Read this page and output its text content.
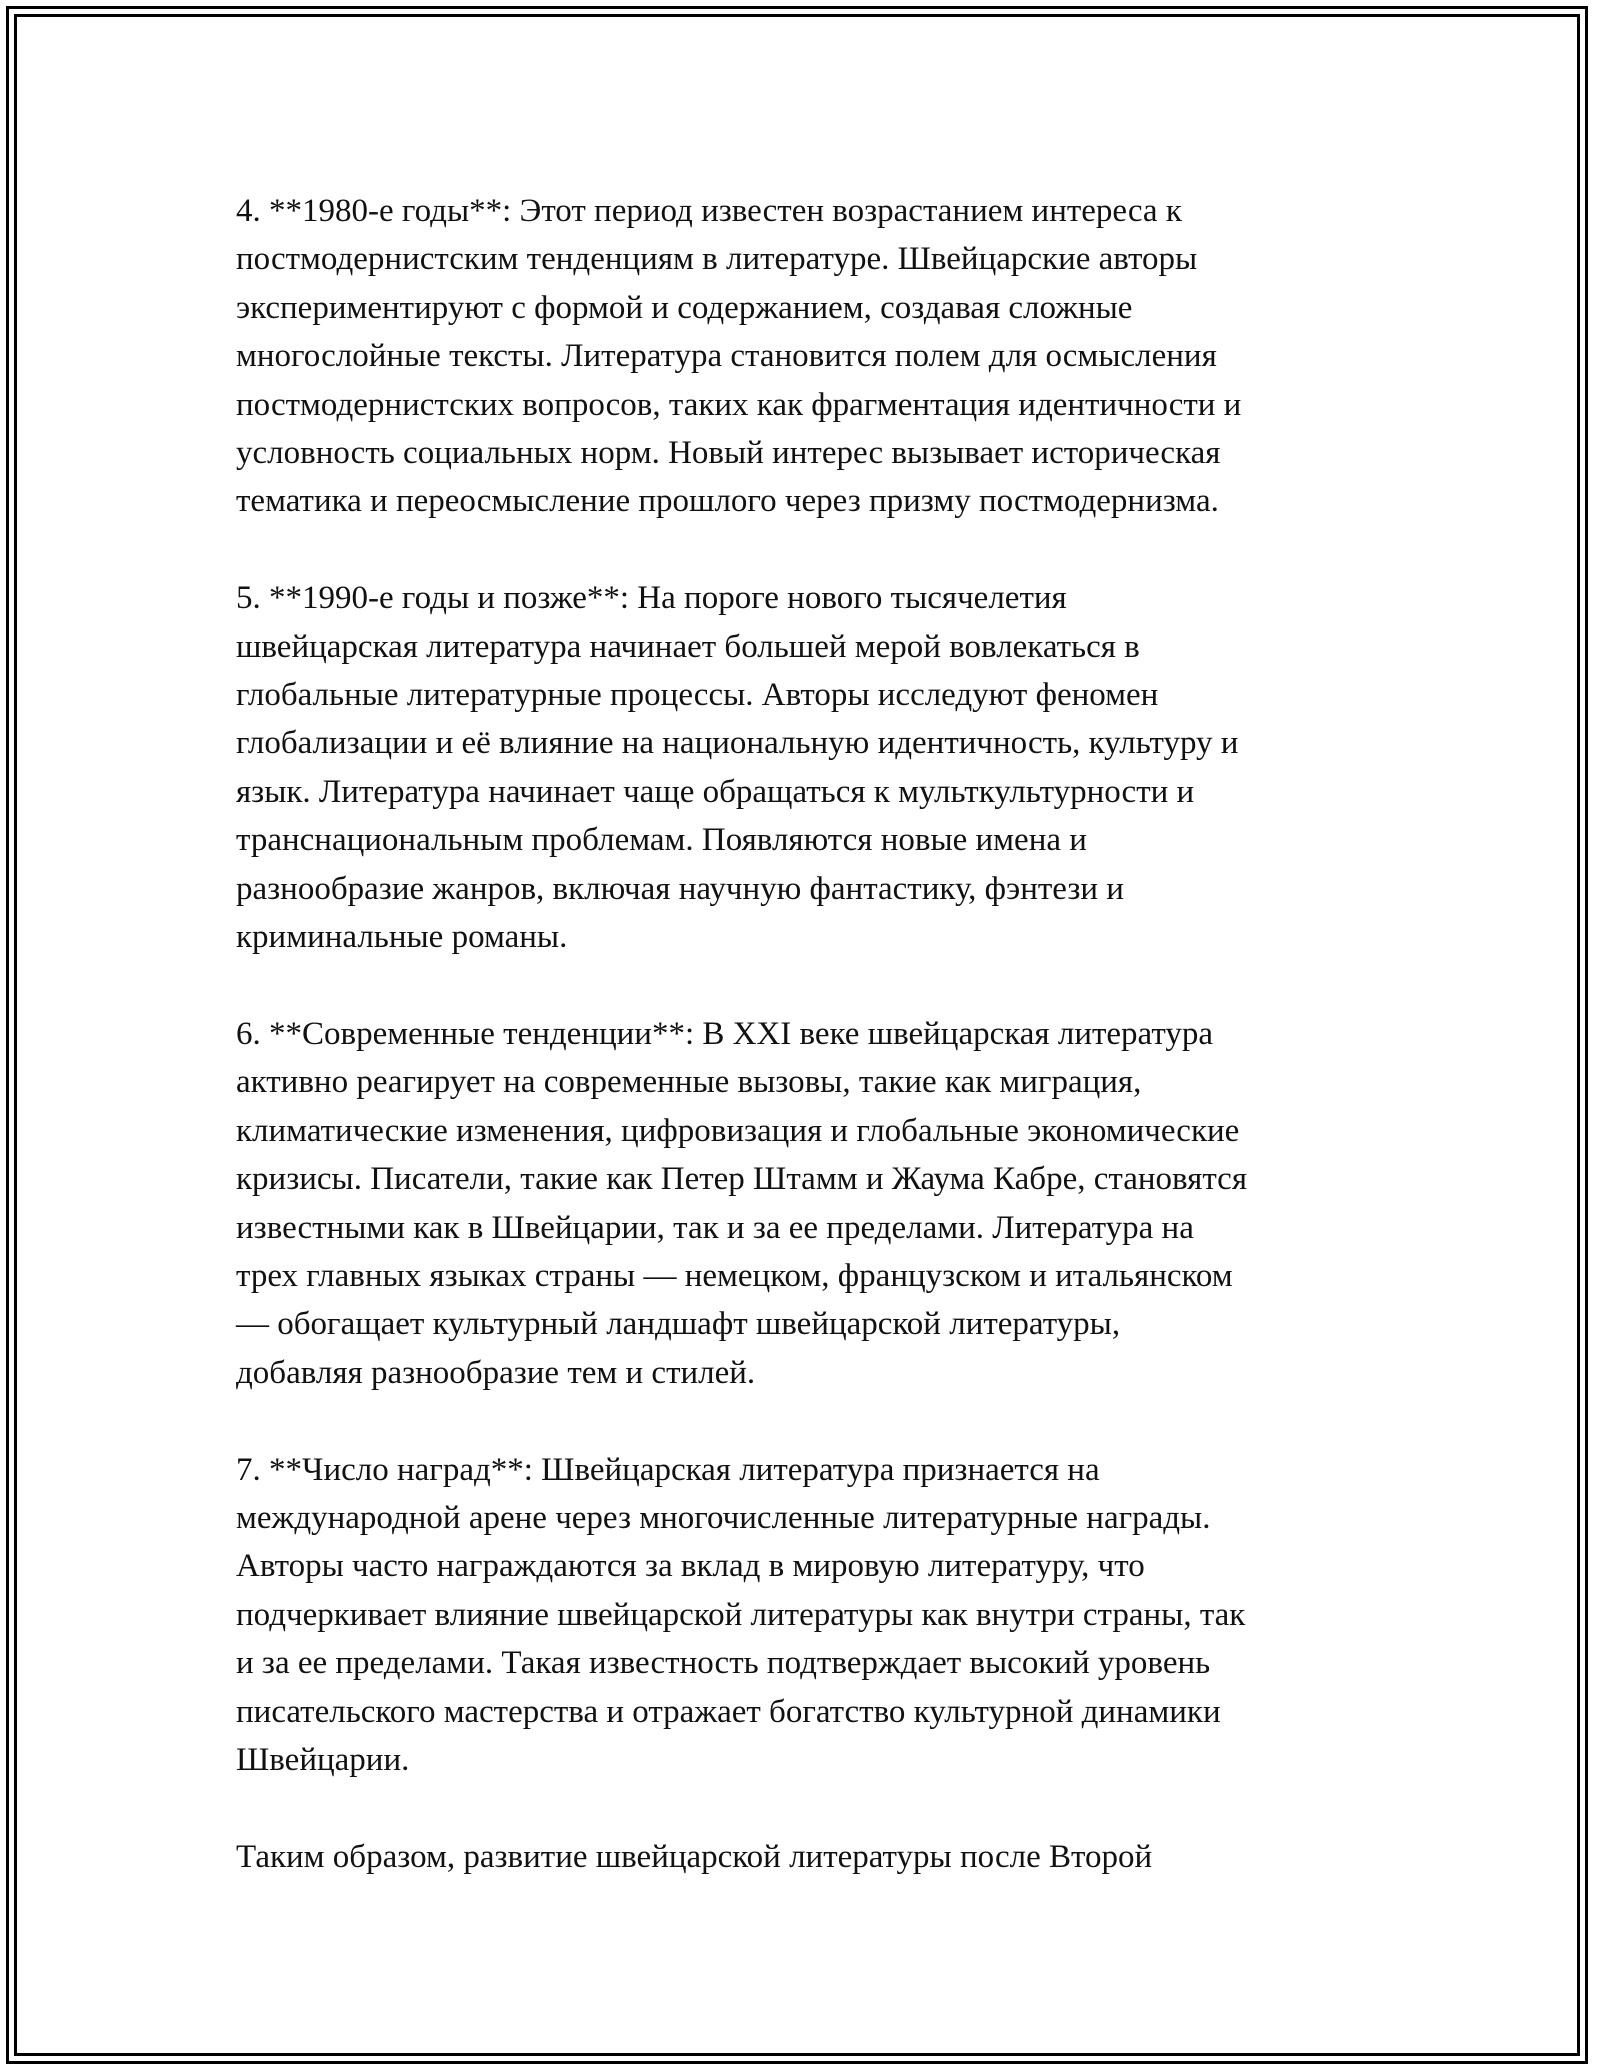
4. **1980-е годы**: Этот период известен возрастанием интереса к
постмодернистским тенденциям в литературе. Швейцарские авторы
экспериментируют с формой и содержанием, создавая сложные
многослойные тексты. Литература становится полем для осмысления
постмодернистских вопросов, таких как фрагментация идентичности и
условность социальных норм. Новый интерес вызывает историческая
тематика и переосмысление прошлого через призму постмодернизма.

5. **1990-е годы и позже**: На пороге нового тысячелетия
швейцарская литература начинает большей мерой вовлекаться в
глобальные литературные процессы. Авторы исследуют феномен
глобализации и её влияние на национальную идентичность, культуру и
язык. Литература начинает чаще обращаться к мульткультурности и
транснациональным проблемам. Появляются новые имена и
разнообразие жанров, включая научную фантастику, фэнтези и
криминальные романы.

6. **Современные тенденции**: В XXI веке швейцарская литература
активно реагирует на современные вызовы, такие как миграция,
климатические изменения, цифровизация и глобальные экономические
кризисы. Писатели, такие как Петер Штамм и Жаума Кабре, становятся
известными как в Швейцарии, так и за ее пределами. Литература на
трех главных языках страны — немецком, французском и итальянском
— обогащает культурный ландшафт швейцарской литературы,
добавляя разнообразие тем и стилей.

7. **Число наград**: Швейцарская литература признается на
международной арене через многочисленные литературные награды.
Авторы часто награждаются за вклад в мировую литературу, что
подчеркивает влияние швейцарской литературы как внутри страны, так
и за ее пределами. Такая известность подтверждает высокий уровень
писательского мастерства и отражает богатство культурной динамики
Швейцарии.

Таким образом, развитие швейцарской литературы после Второй
